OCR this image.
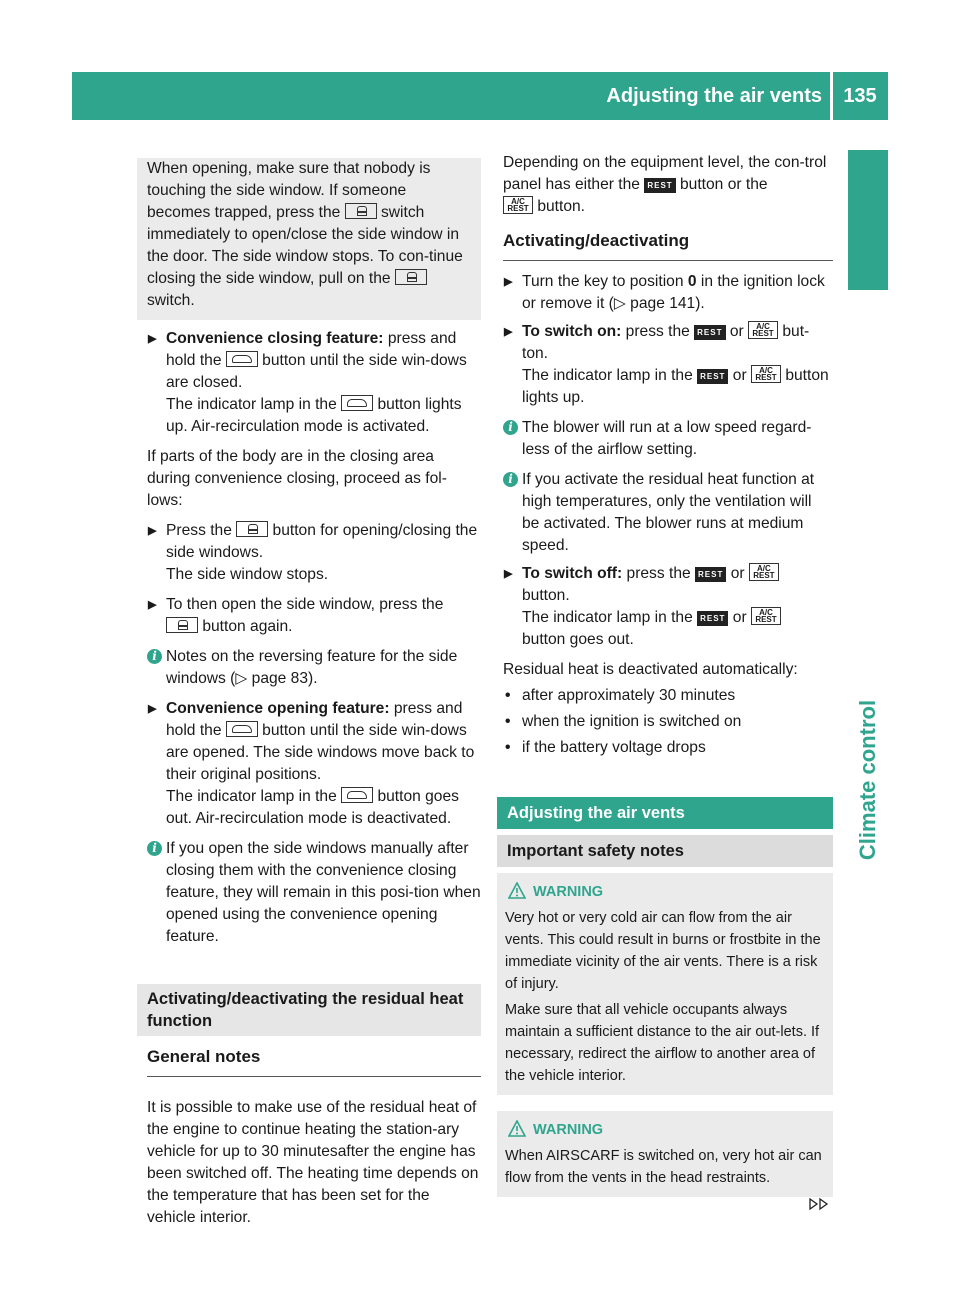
Adjusting the air vents	135
Climate control

When opening, make sure that nobody is touching the side window. If someone becomes trapped, press the	switch immediately to open/close the side window in the door. The side window stops. To con-tinue closing the side window, pull on the  switch.

▶ Convenience closing feature: press and hold the  button until the side win-dows are closed.
The indicator lamp in the  button lights up. Air-recirculation mode is activated.

If parts of the body are in the closing area during convenience closing, proceed as fol-lows:

▶ Press the  button for opening/closing the side windows.
The side window stops.

▶ To then open the side window, press the
button again.

i Notes on the reversing feature for the side windows (▷ page 83).

▶ Convenience opening feature: press and hold the  button until the side win-dows are opened. The side windows move back to their original positions.
The indicator lamp in the  button goes out. Air-recirculation mode is deactivated.

i If you open the side windows manually after closing them with the convenience closing feature, they will remain in this posi-tion when opened using the convenience opening feature.

Activating/deactivating the residual heat function
General notes

It is possible to make use of the residual heat of the engine to continue heating the station-ary vehicle for up to 30 minutesafter the engine has been switched off. The heating time depends on the temperature that has been set for the vehicle interior.

Depending on the equipment level, the con-trol panel has either the REST button or the
A/C
REST button.

Activating/deactivating

▶ Turn the key to position 0 in the ignition lock or remove it (▷ page 141).

▶ To switch on: press the REST or A/C
REST but-ton.
The indicator lamp in the REST or A/C
REST button lights up.

i The blower will run at a low speed regard-less of the airflow setting.

i If you activate the residual heat function at high temperatures, only the ventilation will be activated. The blower runs at medium speed.

▶ To switch off: press the REST or A/C
REST
button.
The indicator lamp in the REST or A/C
REST
button goes out.

Residual heat is deactivated automatically:

• after approximately 30 minutes

• when the ignition is switched on

• if the battery voltage drops

Adjusting the air vents
Important safety notes

WARNING

Very hot or very cold air can flow from the air vents. This could result in burns or frostbite in the immediate vicinity of the air vents. There is a risk of injury.

Make sure that all vehicle occupants always maintain a sufficient distance to the air out-lets. If necessary, redirect the airflow to another area of the vehicle interior.

WARNING

When AIRSCARF is switched on, very hot air can flow from the vents in the head restraints.
